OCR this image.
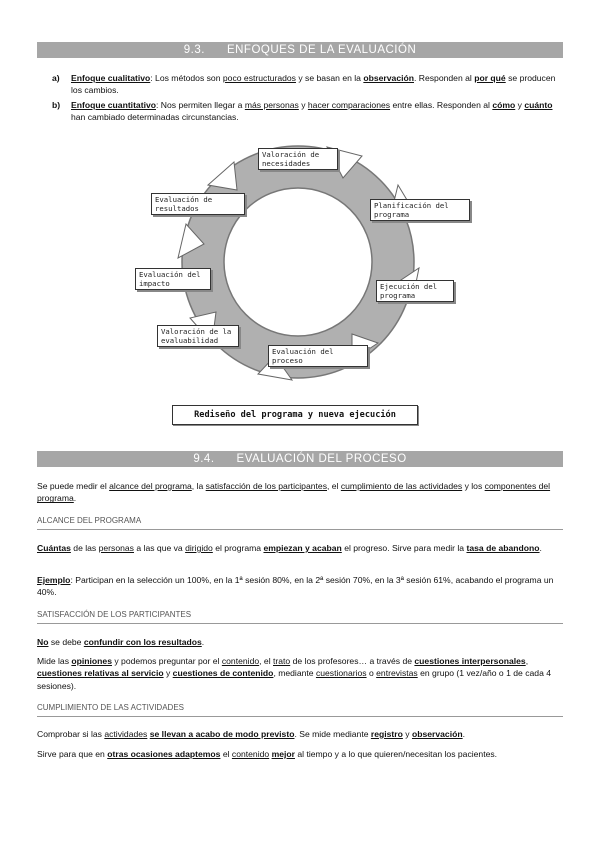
9.3. ENFOQUES DE LA EVALUACIÓN
a) Enfoque cualitativo: Los métodos son poco estructurados y se basan en la observación. Responden al por qué se producen los cambios.
b) Enfoque cuantitativo: Nos permiten llegar a más personas y hacer comparaciones entre ellas. Responden al cómo y cuánto han cambiado determinadas circunstancias.
Valoración de necesidades
Planificación del programa
Ejecución del programa
Evaluación del proceso
Valoración de la evaluabilidad
Evaluación del impacto
Evaluación de resultados
Rediseño del programa y nueva ejecución
9.4. EVALUACIÓN DEL PROCESO
Se puede medir el alcance del programa, la satisfacción de los participantes, el cumplimiento de las actividades y los componentes del programa.
ALCANCE DEL PROGRAMA
Cuántas de las personas a las que va dirigido el programa empiezan y acaban el progreso. Sirve para medir la tasa de abandono.
Ejemplo: Participan en la selección un 100%, en la 1ª sesión 80%, en la 2ª sesión 70%, en la 3ª sesión 61%, acabando el programa un 40%.
SATISFACCIÓN DE LOS PARTICIPANTES
No se debe confundir con los resultados.
Mide las opiniones y podemos preguntar por el contenido, el trato de los profesores… a través de cuestiones interpersonales, cuestiones relativas al servicio y cuestiones de contenido, mediante cuestionarios o entrevistas en grupo (1 vez/año o 1 de cada 4 sesiones).
CUMPLIMIENTO DE LAS ACTIVIDADES
Comprobar si las actividades se llevan a acabo de modo previsto. Se mide mediante registro y observación.
Sirve para que en otras ocasiones adaptemos el contenido mejor al tiempo y a lo que quieren/necesitan los pacientes.
